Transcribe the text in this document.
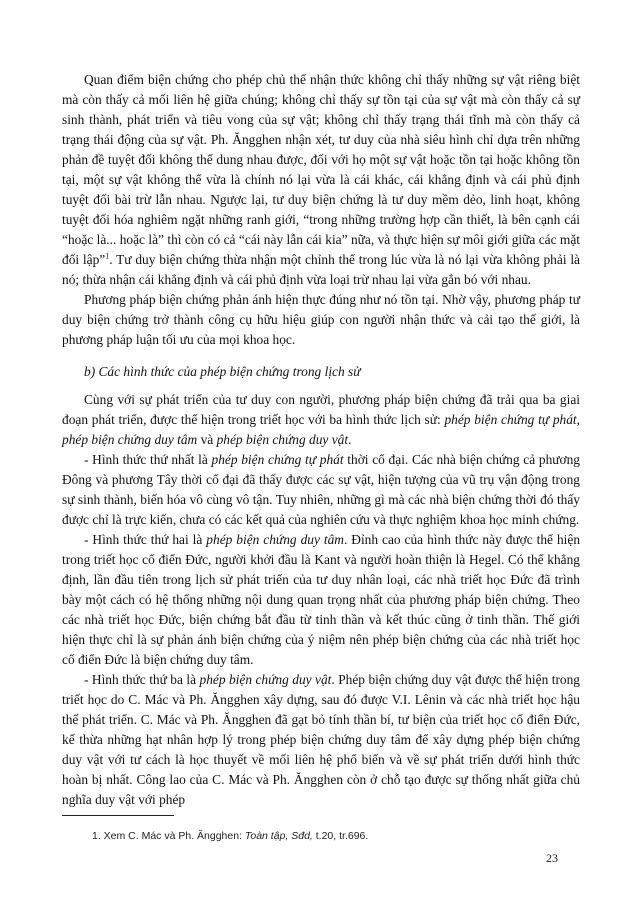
Quan điểm biện chứng cho phép chủ thể nhận thức không chỉ thấy những sự vật riêng biệt mà còn thấy cả mối liên hệ giữa chúng; không chỉ thấy sự tồn tại của sự vật mà còn thấy cả sự sinh thành, phát triển và tiêu vong của sự vật; không chỉ thấy trạng thái tĩnh mà còn thấy cả trạng thái động của sự vật. Ph. Ăngghen nhận xét, tư duy của nhà siêu hình chỉ dựa trên những phản đề tuyệt đối không thể dung nhau được, đối với họ một sự vật hoặc tồn tại hoặc không tồn tại, một sự vật không thể vừa là chính nó lại vừa là cái khác, cái khẳng định và cái phủ định tuyệt đối bài trừ lẫn nhau. Ngược lại, tư duy biện chứng là tư duy mềm dẻo, linh hoạt, không tuyệt đối hóa nghiêm ngặt những ranh giới, “trong những trường hợp cần thiết, là bên cạnh cái “hoặc là... hoặc là” thì còn có cả “cái này lẫn cái kia” nữa, và thực hiện sự môi giới giữa các mặt đối lập”$^1$. Tư duy biện chứng thừa nhận một chỉnh thể trong lúc vừa là nó lại vừa không phải là nó; thừa nhận cái khẳng định và cái phủ định vừa loại trừ nhau lại vừa gắn bó với nhau.

Phương pháp biện chứng phản ánh hiện thực đúng như nó tồn tại. Nhờ vậy, phương pháp tư duy biện chứng trở thành công cụ hữu hiệu giúp con người nhận thức và cải tạo thế giới, là phương pháp luận tối ưu của mọi khoa học.

b) Các hình thức của phép biện chứng trong lịch sử

Cùng với sự phát triển của tư duy con người, phương pháp biện chứng đã trải qua ba giai đoạn phát triển, được thể hiện trong triết học với ba hình thức lịch sử: phép biện chứng tự phát, phép biện chứng duy tâm và phép biện chứng duy vật.

- Hình thức thứ nhất là phép biện chứng tự phát thời cổ đại. Các nhà biện chứng cả phương Đông và phương Tây thời cổ đại đã thấy được các sự vật, hiện tượng của vũ trụ vận động trong sự sinh thành, biến hóa vô cùng vô tận. Tuy nhiên, những gì mà các nhà biện chứng thời đó thấy được chỉ là trực kiến, chưa có các kết quả của nghiên cứu và thực nghiệm khoa học minh chứng.

- Hình thức thứ hai là phép biện chứng duy tâm. Đỉnh cao của hình thức này được thể hiện trong triết học cổ điển Đức, người khởi đầu là Kant và người hoàn thiện là Hegel. Có thể khẳng định, lần đầu tiên trong lịch sử phát triển của tư duy nhân loại, các nhà triết học Đức đã trình bày một cách có hệ thống những nội dung quan trọng nhất của phương pháp biện chứng. Theo các nhà triết học Đức, biện chứng bắt đầu từ tinh thần và kết thúc cũng ở tinh thần. Thế giới hiện thực chỉ là sự phản ánh biện chứng của ý niệm nên phép biện chứng của các nhà triết học cổ điển Đức là biện chứng duy tâm.

- Hình thức thứ ba là phép biện chứng duy vật. Phép biện chứng duy vật được thể hiện trong triết học do C. Mác và Ph. Ăngghen xây dựng, sau đó được V.I. Lênin và các nhà triết học hậu thế phát triển. C. Mác và Ph. Ăngghen đã gạt bỏ tính thần bí, tư biện của triết học cổ điển Đức, kế thừa những hạt nhân hợp lý trong phép biện chứng duy tâm để xây dựng phép biện chứng duy vật với tư cách là học thuyết về mối liên hệ phổ biến và về sự phát triển dưới hình thức hoàn bị nhất. Công lao của C. Mác và Ph. Ăngghen còn ở chỗ tạo được sự thống nhất giữa chủ nghĩa duy vật với phép

1. Xem C. Mác và Ph. Ăngghen: Toàn tập, Sđd, t.20, tr.696.
23
